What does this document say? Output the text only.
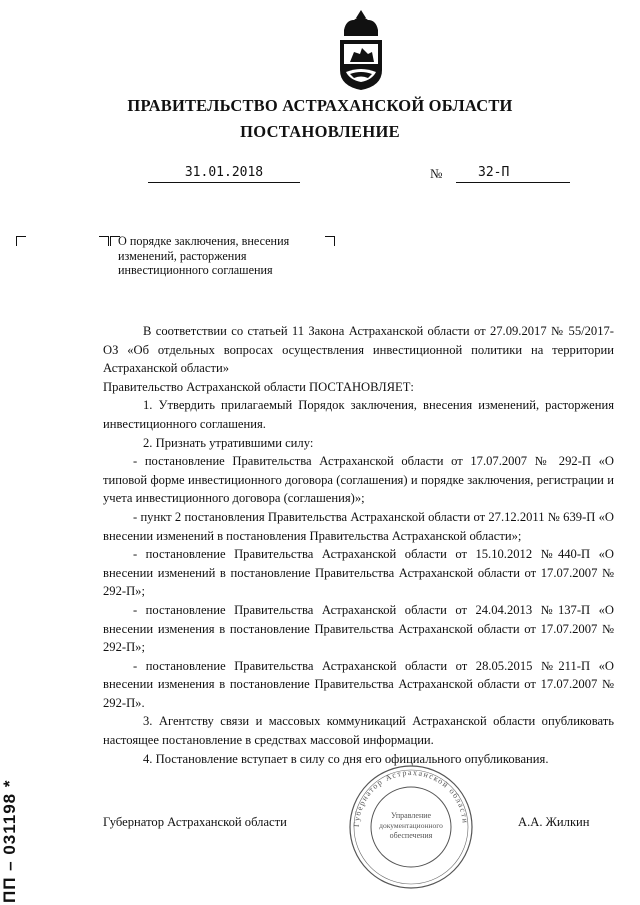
ПРАВИТЕЛЬСТВО АСТРАХАНСКОЙ ОБЛАСТИ
ПОСТАНОВЛЕНИЕ
31.01.2018	№	32-П
О порядке заключения, внесения изменений, расторжения инвестиционного соглашения

В соответствии со статьей 11 Закона Астраханской области от 27.09.2017 № 55/2017-ОЗ «Об отдельных вопросах осуществления инвестиционной политики на территории Астраханской области»

Правительство Астраханской области ПОСТАНОВЛЯЕТ:

1. Утвердить прилагаемый Порядок заключения, внесения изменений, расторжения инвестиционного соглашения.

2. Признать утратившими силу:

- постановление Правительства Астраханской области от 17.07.2007 № 292-П «О типовой форме инвестиционного договора (соглашения) и порядке заключения, регистрации и учета инвестиционного договора (соглашения)»;

- пункт 2 постановления Правительства Астраханской области от 27.12.2011 № 639-П «О внесении изменений в постановления Правительства Астраханской области»;

- постановление Правительства Астраханской области от 15.10.2012 №440-П «О внесении изменений в постановление Правительства Астраханской области от 17.07.2007 № 292-П»;

- постановление Правительства Астраханской области от 24.04.2013 №137-П «О внесении изменения в постановление Правительства Астраханской области от 17.07.2007 № 292-П»;

- постановление Правительства Астраханской области от 28.05.2015 №211-П «О внесении изменения в постановление Правительства Астраханской области от 17.07.2007 № 292-П».

3. Агентству связи и массовых коммуникаций Астраханской области опубликовать настоящее постановление в средствах массовой информации.

4. Постановление вступает в силу со дня его официального опубликования.

Губернатор Астраханской области
Управление
документационного
обеспечения
Губернатор Астраханской области	А.А. Жилкин
ПП – 031198 *
